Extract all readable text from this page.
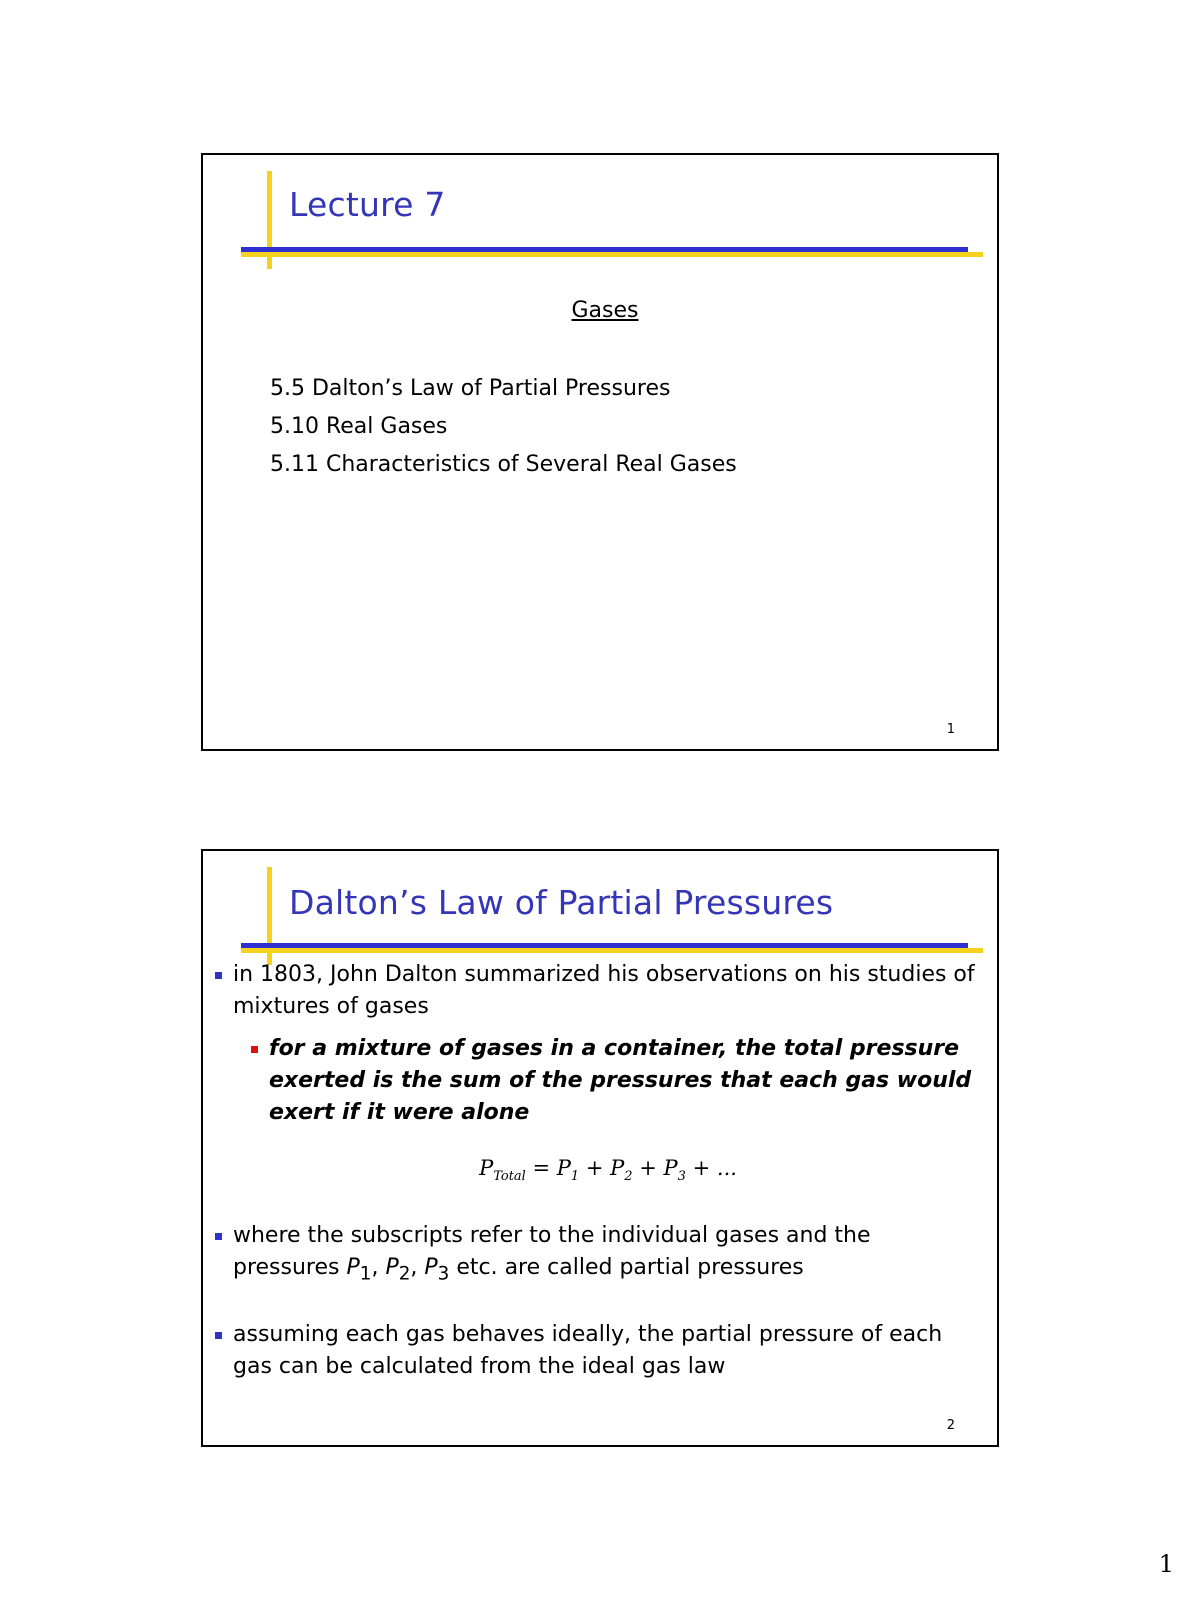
Lecture 7
Gases
5.5 Dalton’s Law of Partial Pressures
5.10 Real Gases
5.11 Characteristics of Several Real Gases
1
Dalton’s Law of Partial Pressures
in 1803, John Dalton summarized his observations on his studies of mixtures of gases
for a mixture of gases in a container, the total pressure exerted is the sum of the pressures that each gas would exert if it were alone
$P_{Total} = P_1 + P_2 + P_3$ + ...
where the subscripts refer to the individual gases and the pressures $P_1$, $P_2$, $P_3$ etc. are called partial pressures
assuming each gas behaves ideally, the partial pressure of each gas can be calculated from the ideal gas law
2
1
